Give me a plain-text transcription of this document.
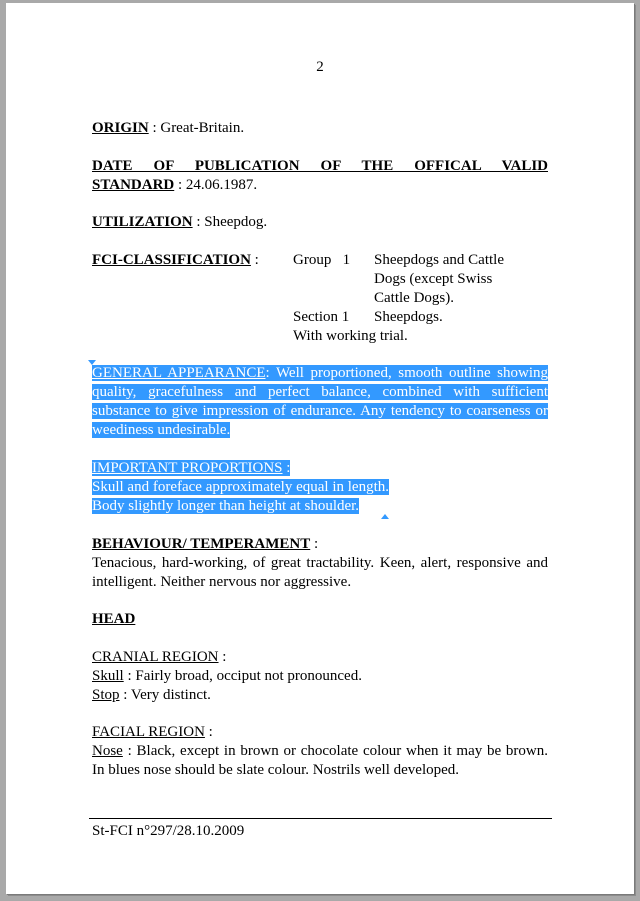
2
ORIGIN : Great-Britain.
DATE OF PUBLICATION OF THE OFFICAL VALID
STANDARD : 24.06.1987.
UTILIZATION : Sheepdog.
FCI-CLASSIFICATION :	Group   1 Sheepdogs and Cattle
Dogs (except Swiss
Cattle Dogs).
Section 1 Sheepdogs.
With working trial.
GENERAL APPEARANCE: Well proportioned, smooth outline showing quality, gracefulness and perfect balance, combined with sufficient substance to give impression of endurance. Any tendency to coarseness or weediness undesirable.
IMPORTANT PROPORTIONS :
Skull and foreface approximately equal in length.
Body slightly longer than height at shoulder.
BEHAVIOUR/ TEMPERAMENT :
Tenacious, hard-working, of great tractability. Keen, alert, responsive and intelligent. Neither nervous nor aggressive.
HEAD
CRANIAL REGION :
Skull : Fairly broad, occiput not pronounced.
Stop : Very distinct.
FACIAL REGION :
Nose : Black, except in brown or chocolate colour when it may be brown. In blues nose should be slate colour. Nostrils well developed.
St-FCI n°297/28.10.2009
